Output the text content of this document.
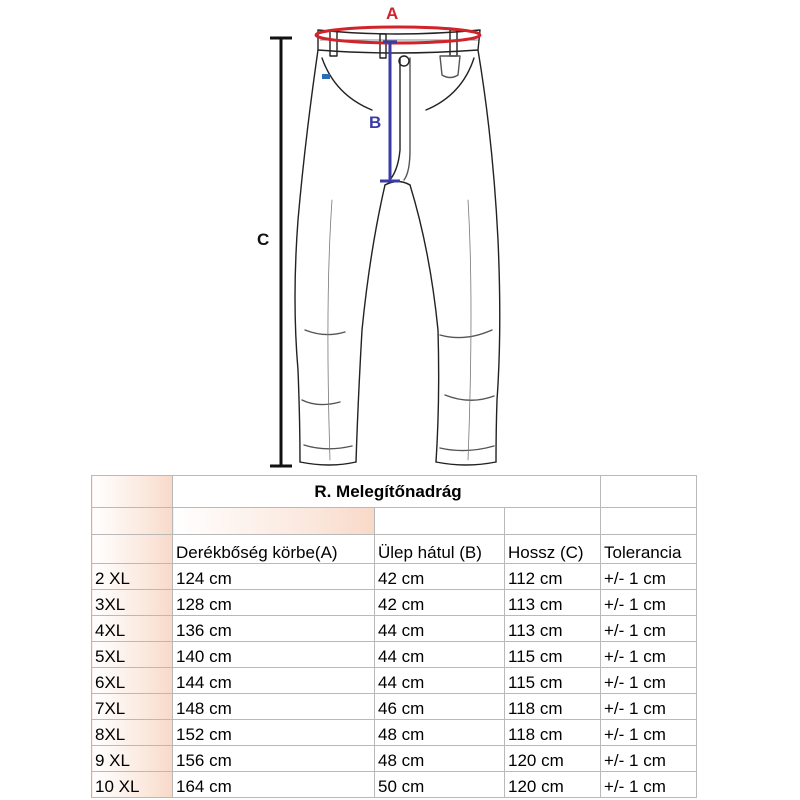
A
B
C
	R. Melegítőnadrág			

	Derékbőség körbe(A)	Ülep hátul (B)	Hossz (C)	Tolerancia
2 XL	124 cm	42 cm	112 cm	+/- 1 cm
3XL	128 cm	42 cm	113 cm	+/- 1 cm
4XL	136 cm	44 cm	113 cm	+/- 1 cm
5XL	140 cm	44 cm	115 cm	+/- 1 cm
6XL	144 cm	44 cm	115 cm	+/- 1 cm
7XL	148 cm	46 cm	118 cm	+/- 1 cm
8XL	152 cm	48 cm	118 cm	+/- 1 cm
9 XL	156 cm	48 cm	120 cm	+/- 1 cm
10 XL	164 cm	50 cm	120 cm	+/- 1 cm
